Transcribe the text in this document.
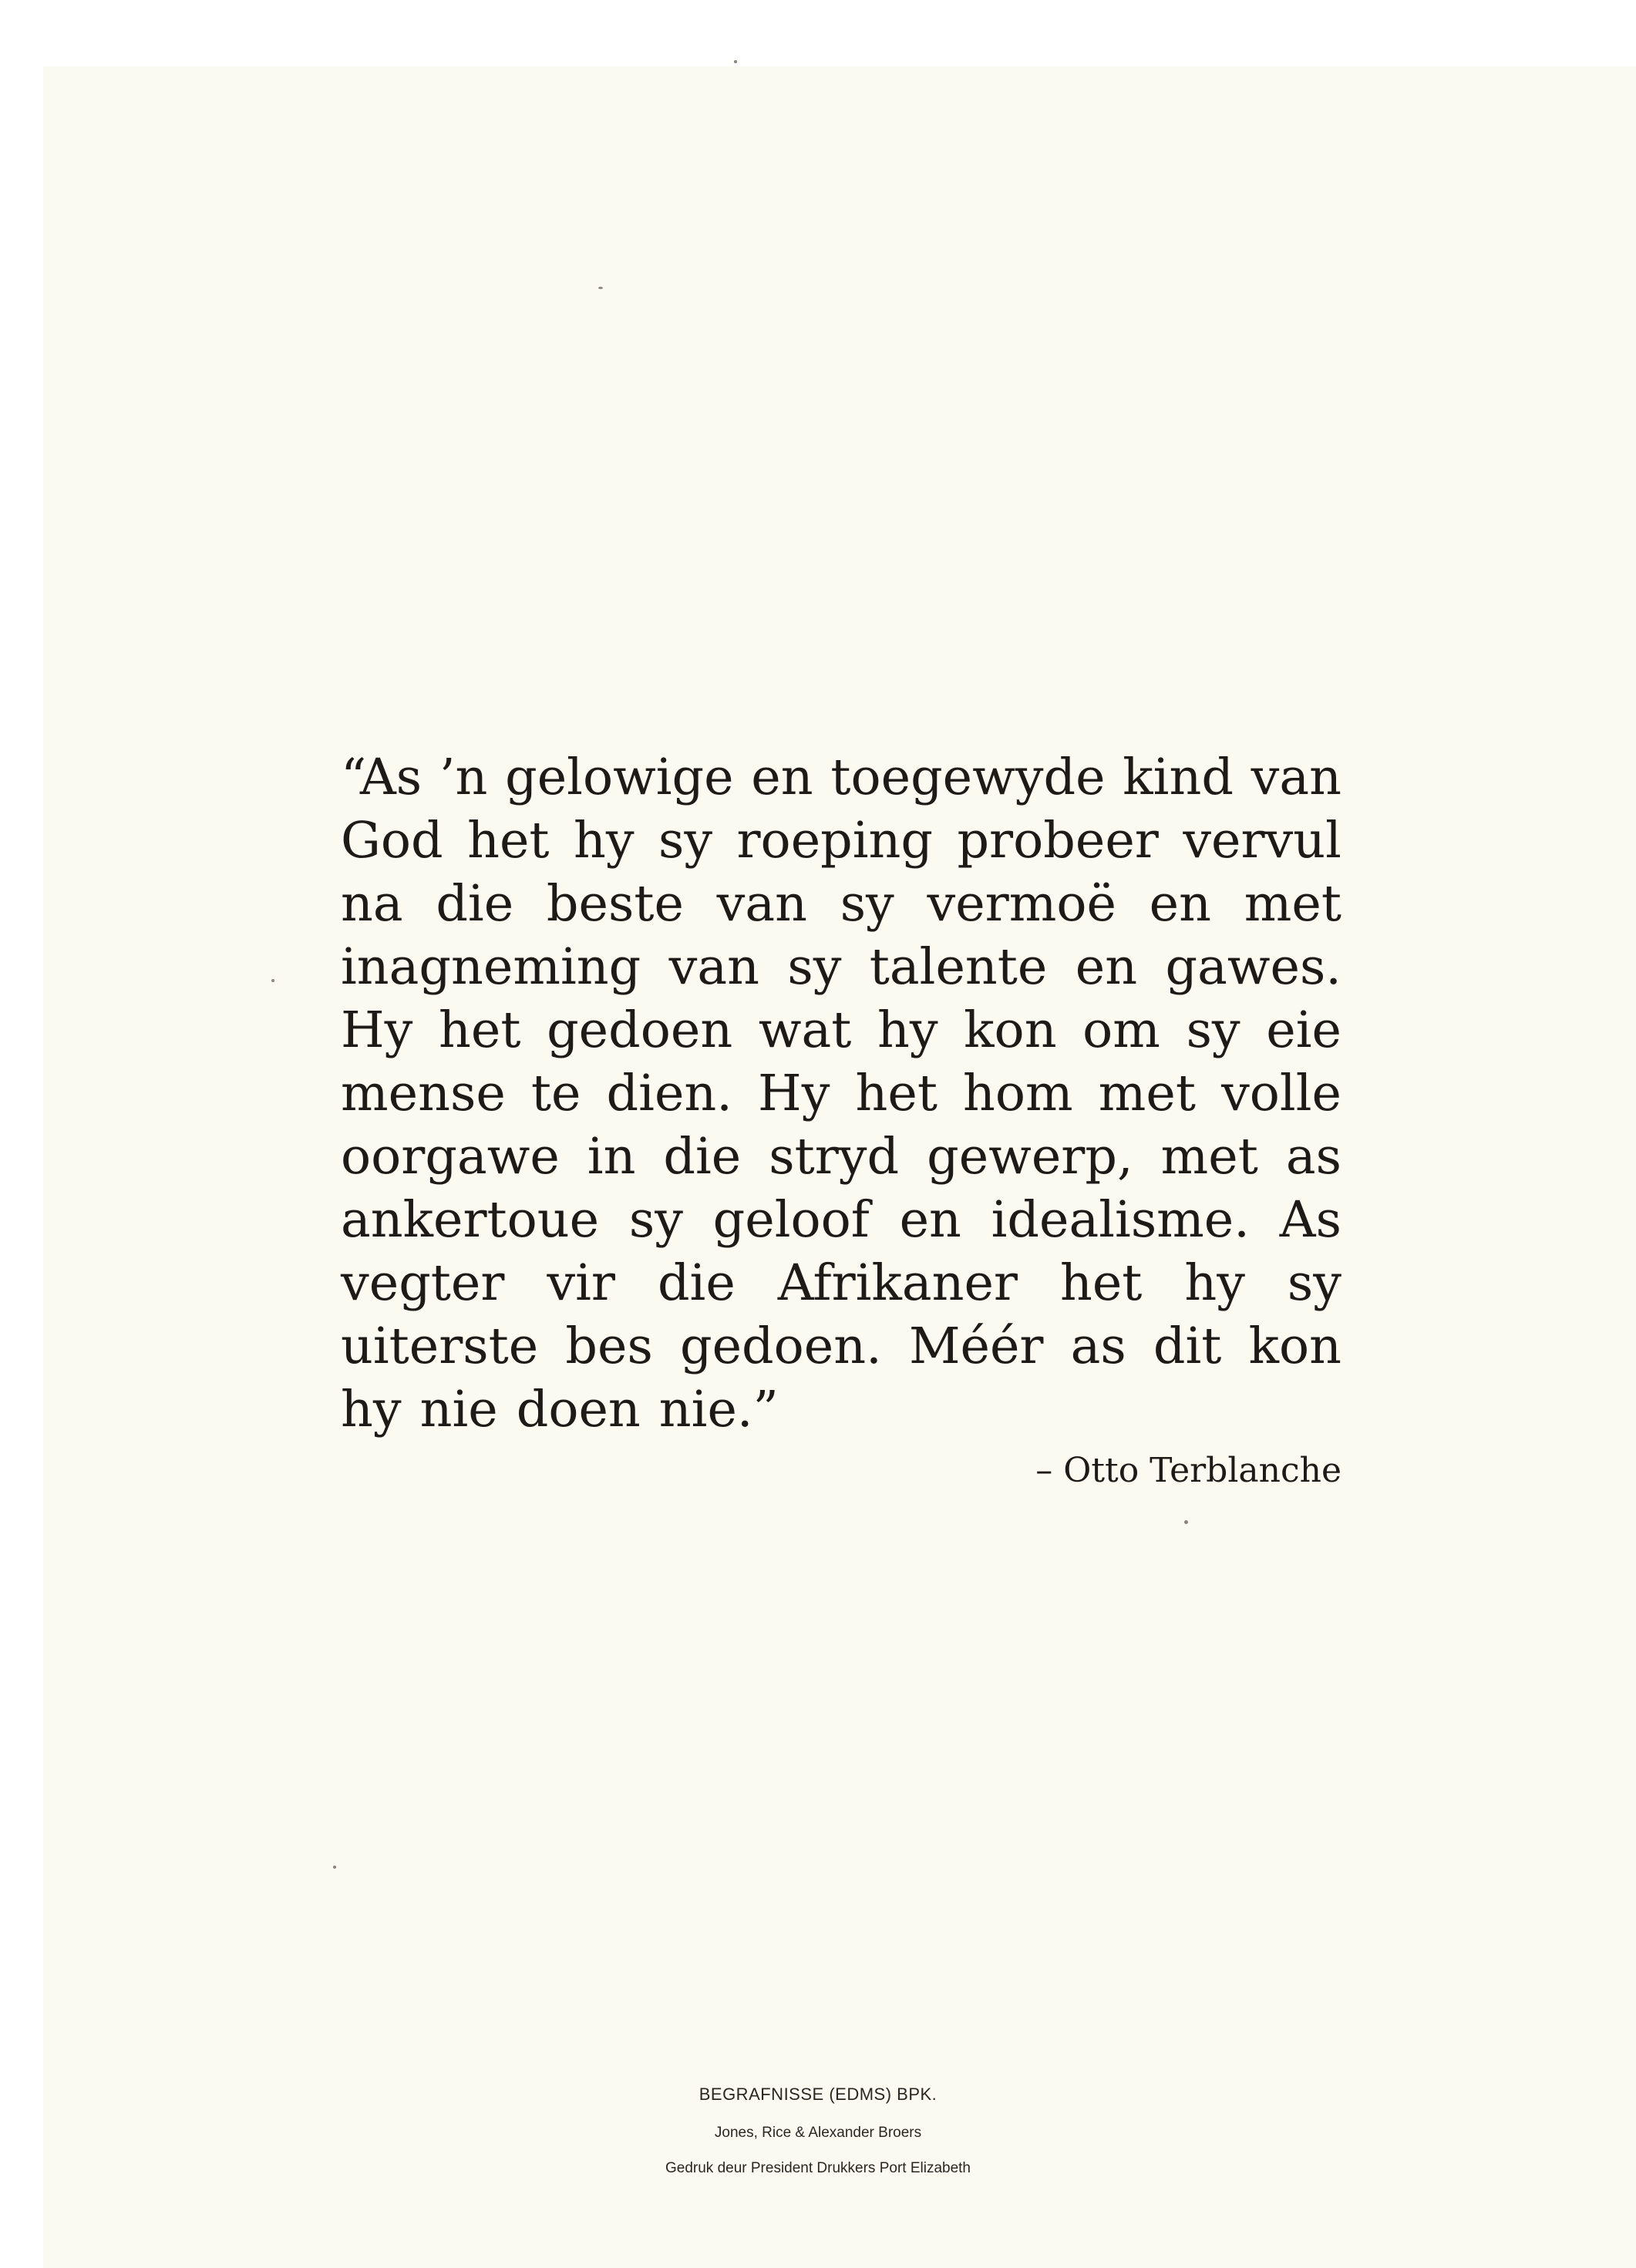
“As ’n gelowige en toegewyde kind van
God het hy sy roeping probeer vervul
na die beste van sy vermoë en met
inagneming van sy talente en gawes.
Hy het gedoen wat hy kon om sy eie
mense te dien. Hy het hom met volle
oorgawe in die stryd gewerp, met as
ankertoue sy geloof en idealisme. As
vegter vir die Afrikaner het hy sy
uiterste bes gedoen. Méér as dit kon
hy nie doen nie.”
– Otto Terblanche
BEGRAFNISSE (EDMS) BPK.
Jones, Rice & Alexander Broers
Gedruk deur President Drukkers Port Elizabeth
